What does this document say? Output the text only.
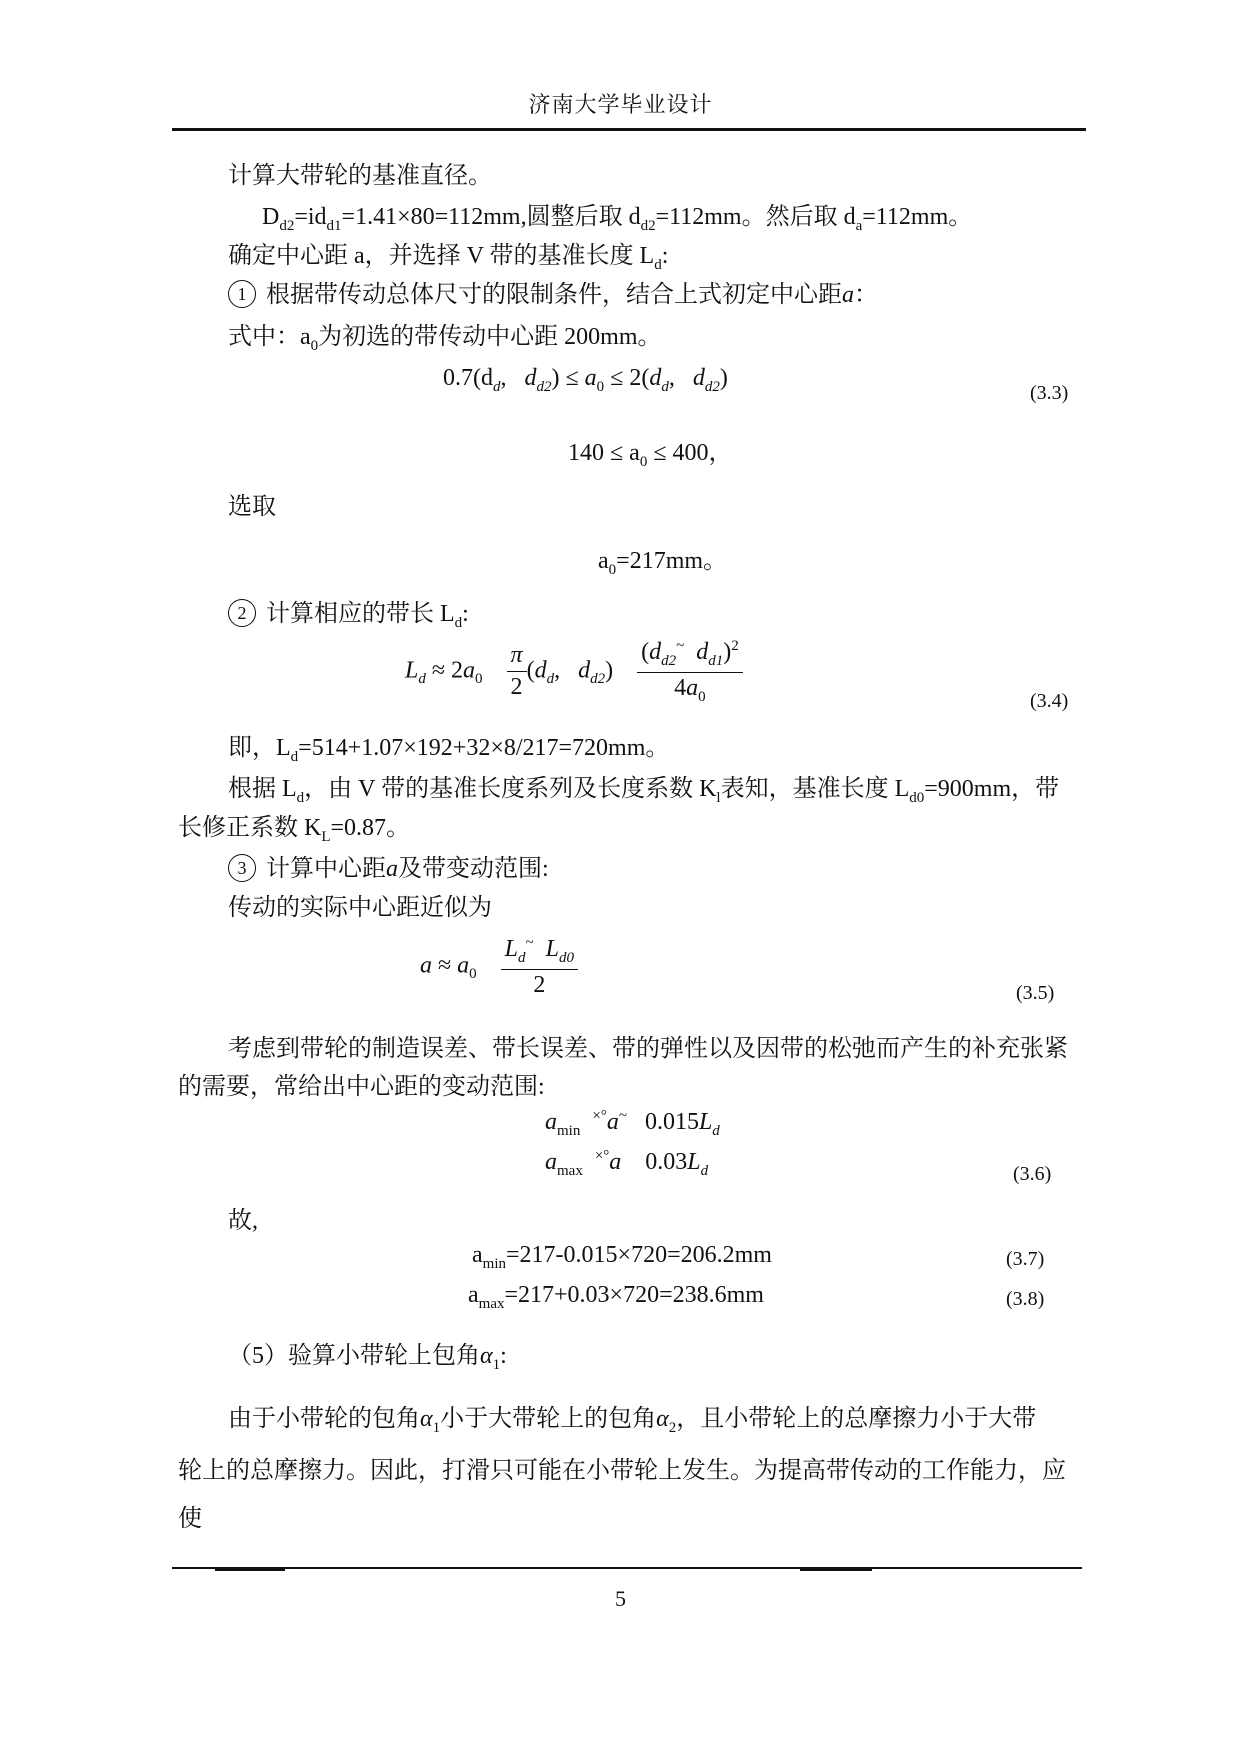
济南大学毕业设计
计算大带轮的基准直径。
$D_{d2}=id_{d1}=1.41\times 80=112mm$,圆整后取 $d_{d2}=112mm$。然后取 $d_a=112mm$。
确定中心距 a，并选择 V 带的基准长度 $L_d$:
1 根据带传动总体尺寸的限制条件，结合上式初定中心距a：
式中：$a_0$为初选的带传动中心距 200mm。
$0.7(d_d$,   $d_{d2}) \le a_0 \le 2(d_d$,   $d_{d2}$)
(3.3)
$140 \le a_0 \le 400$，
选取
$a_0=217mm$。
2 计算相应的带长 $L_d$:
$L_d \approx 2a_0 \frac{\pi}{2} (d_d$,   $d_{d2}) \frac{(d_{d2}^\sim d_{d1})^2}{4a_0}$	(3.4)
即，$L_d=514+1.07\times 192+32\times 8/217=720mm$。
根据 $L_d$，由 V 带的基准长度系列及长度系数 $K_l$表知，基准长度 $L_{d0}=900mm$，带
长修正系数 $K_L=0.87$。
3 计算中心距a及带变动范围:
传动的实际中心距近似为
$a \approx a_0 \frac{L_d^\sim L_{d0}}{2}$	(3.5)
考虑到带轮的制造误差、带长误差、带的弹性以及因带的松弛而产生的补充张紧
的需要，常给出中心距的变动范围:
$a_{min}$  ×°a~   $0.015L_d$
$a_{max}$  ×°a    $0.03L_d$	(3.6)
故,
$a_{min}=217-0.015\times 720=206.2mm$	(3.7)
$a_{max}=217+0.03\times 720=238.6mm$	(3.8)
（5）验算小带轮上包角$\alpha_1$:
由于小带轮的包角$\alpha_1$小于大带轮上的包角$\alpha_2$，且小带轮上的总摩擦力小于大带
轮上的总摩擦力。因此，打滑只可能在小带轮上发生。为提高带传动的工作能力，应
使
5
